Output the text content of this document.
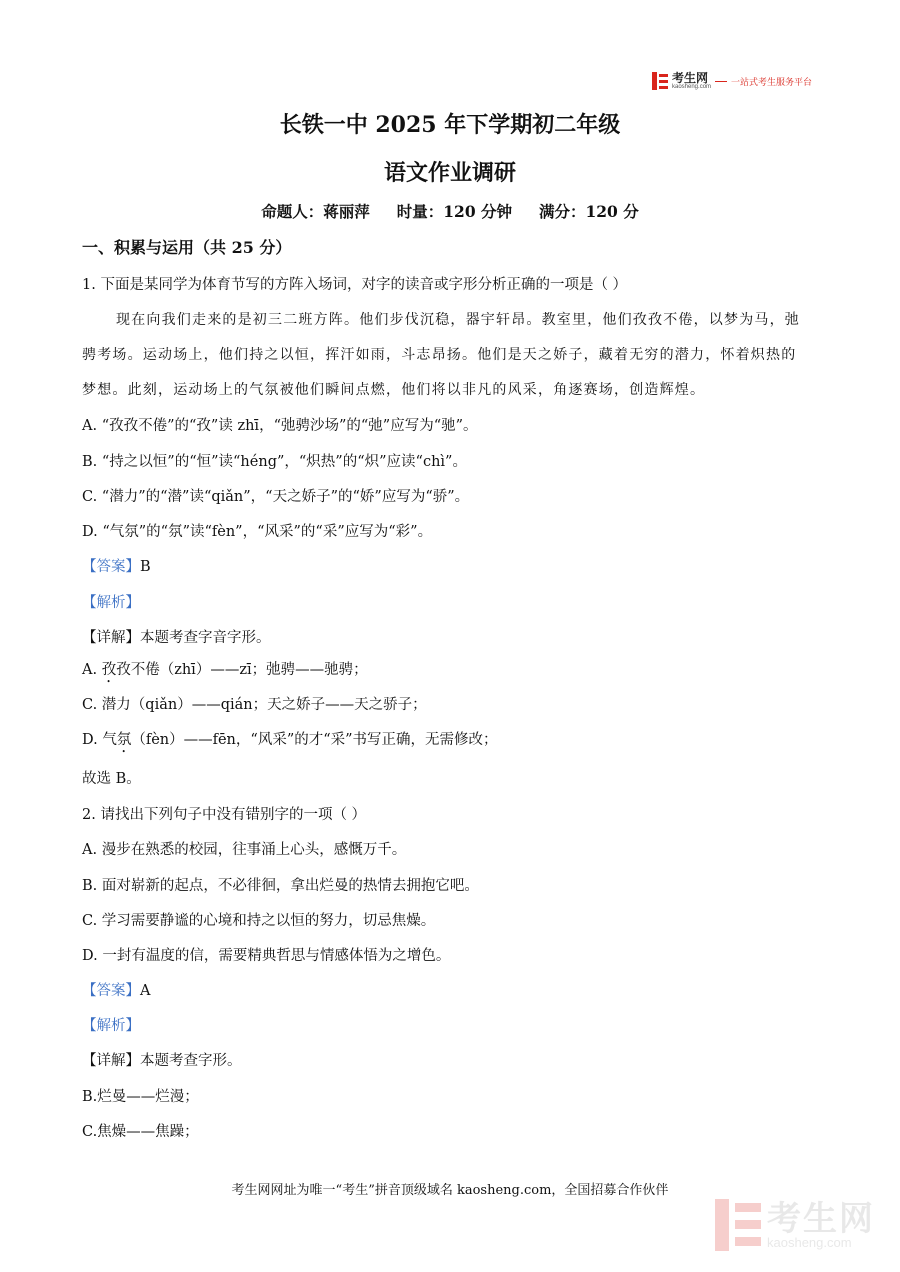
考生网
kaosheng.com 一站式考生服务平台
长铁一中 2025 年下学期初二年级
语文作业调研
命题人：蒋丽萍     时量：120 分钟     满分：120 分
一、积累与运用（共 25 分）
1. 下面是某同学为体育节写的方阵入场词，对字的读音或字形分析正确的一项是（ ）
现在向我们走来的是初三二班方阵。他们步伐沉稳，器宇轩昂。教室里，他们孜孜不倦，以梦为马，弛
骋考场。运动场上，他们持之以恒，挥汗如雨，斗志昂扬。他们是天之娇子，藏着无穷的潜力，怀着炽热的
梦想。此刻，运动场上的气氛被他们瞬间点燃，他们将以非凡的风采，角逐赛场，创造辉煌。
A. “孜孜不倦”的“孜”读 zhī，“弛骋沙场”的“弛”应写为“驰”。
B. “持之以恒”的“恒”读“héng”，“炽热”的“炽”应读“chì”。
C. “潜力”的“潜”读“qiǎn”，“天之娇子”的“娇”应写为“骄”。
D. “气氛”的“氛”读“fèn”，“风采”的“采”应写为“彩”。
【答案】B
【解析】
【详解】本题考查字音字形。
A. 孜孜不倦（zhī）——zī；弛骋——驰骋；
C. 潜力（qiǎn）——qián；天之娇子——天之骄子；
D. 气氛（fèn）——fēn，“风采”的才“采”书写正确，无需修改；
故选 B。
2. 请找出下列句子中没有错别字的一项（ ）
A. 漫步在熟悉的校园，往事涌上心头，感慨万千。
B. 面对崭新的起点，不必徘徊，拿出烂曼的热情去拥抱它吧。
C. 学习需要静谧的心境和持之以恒的努力，切忌焦燥。
D. 一封有温度的信，需要精典哲思与情感体悟为之增色。
【答案】A
【解析】
【详解】本题考查字形。
B.烂曼——烂漫；
C.焦燥——焦躁；
考生网网址为唯一“考生”拼音顶级域名 kaosheng.com，全国招募合作伙伴
考生网
kaosheng.com
